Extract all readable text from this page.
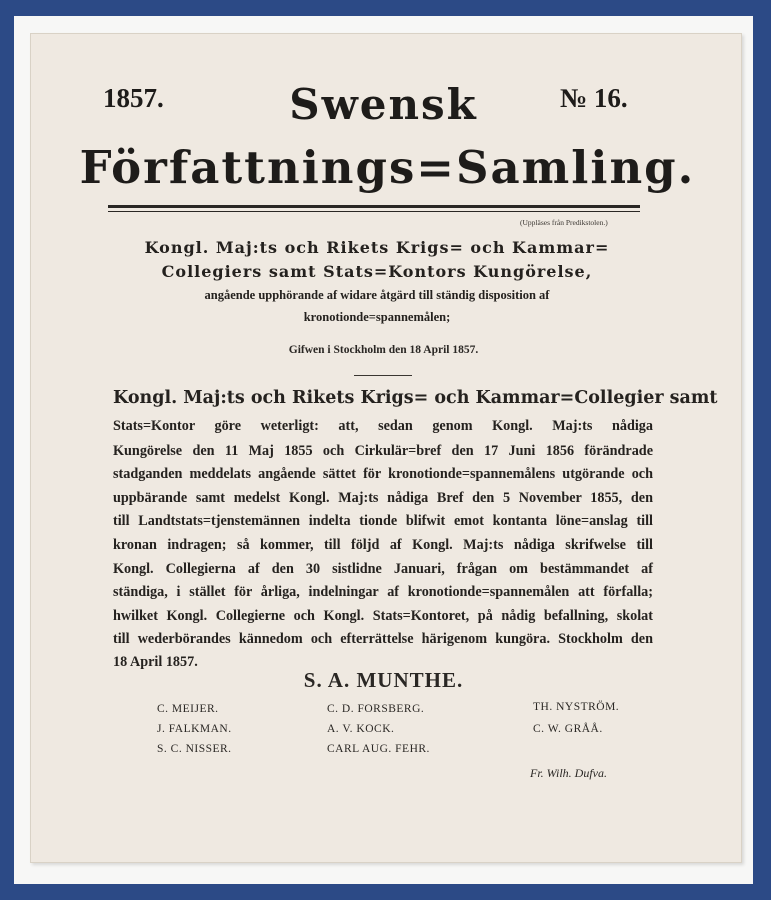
1857.	№ 16.
Swensk
Författnings=Samling.
(Uppläses från Predikstolen.)
Kongl. Maj:ts och Rikets Krigs= och Kammar=
Collegiers samt Stats=Kontors Kungörelse,
angående upphörande af widare åtgärd till ständig disposition af
kronotionde=spannemålen;
Gifwen i Stockholm den 18 April 1857.
Kongl. Maj:ts och Rikets Krigs= och Kammar=Collegier samt
Stats=Kontor göre weterligt: att, sedan genom Kongl. Maj:ts nådiga
Kungörelse den 11 Maj 1855 och Cirkulär=bref den 17 Juni 1856 förändrade
stadganden meddelats angående sättet för kronotionde=spannemålens utgörande och
uppbärande samt medelst Kongl. Maj:ts nådiga Bref den 5 November 1855, den
till Landtstats=tjenstemännen indelta tionde blifwit emot kontanta löne=anslag till
kronan indragen; så kommer, till följd af Kongl. Maj:ts nådiga skrifwelse till
Kongl. Collegierna af den 30 sistlidne Januari, frågan om bestämmandet af
ständiga, i stället för årliga, indelningar af kronotionde=spannemålen att förfalla;
hwilket Kongl. Collegierne och Kongl. Stats=Kontoret, på nådig befallning, skolat
till wederbörandes kännedom och efterrättelse härigenom kungöra. Stockholm den
18 April 1857.
S. A. MUNTHE.
C. MEIJER.
J. FALKMAN.
S. C. NISSER.
C. D. FORSBERG.
A. V. KOCK.
CARL AUG. FEHR.
TH. NYSTRÖM.
C. W. GRÅÅ.
Fr. Wilh. Dufva.
